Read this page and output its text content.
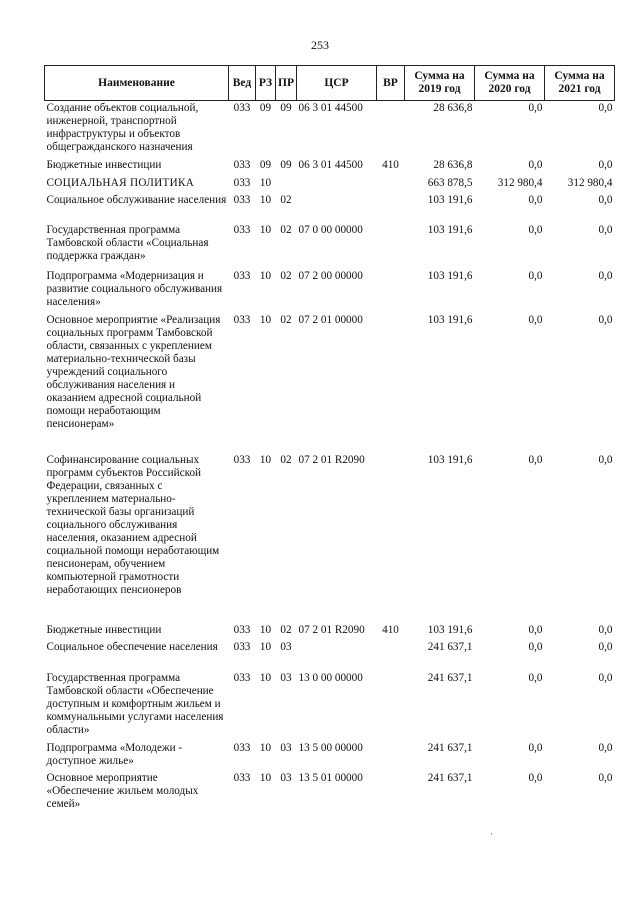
253
Наименование	Вед	РЗ	ПР	ЦСР	ВР	Сумма на 2019 год	Сумма на 2020 год	Сумма на 2021 год
Создание объектов социальной, инженерной, транспортной инфраструктуры и объектов общегражданского назначения	033	09	09	06 3 01 44500		28 636,8	0,0	0,0
Бюджетные инвестиции	033	09	09	06 3 01 44500	410	28 636,8	0,0	0,0
СОЦИАЛЬНАЯ ПОЛИТИКА	033	10				663 878,5	312 980,4	312 980,4
Социальное обслуживание населения	033	10	02			103 191,6	0,0	0,0
Государственная программа Тамбовской области «Социальная поддержка граждан»	033	10	02	07 0 00 00000		103 191,6	0,0	0,0
Подпрограмма «Модернизация и развитие социального обслуживания населения»	033	10	02	07 2 00 00000		103 191,6	0,0	0,0
Основное мероприятие «Реализация социальных программ Тамбовской области, связанных с укреплением материально-технической базы учреждений социального обслуживания населения и оказанием адресной социальной помощи неработающим пенсионерам»	033	10	02	07 2 01 00000		103 191,6	0,0	0,0
Софинансирование социальных программ субъектов Российской Федерации, связанных с укреплением материально-технической базы организаций социального обслуживания населения, оказанием адресной социальной помощи неработающим пенсионерам, обучением компьютерной грамотности неработающих пенсионеров	033	10	02	07 2 01 R2090		103 191,6	0,0	0,0
Бюджетные инвестиции	033	10	02	07 2 01 R2090	410	103 191,6	0,0	0,0
Социальное обеспечение населения	033	10	03			241 637,1	0,0	0,0
Государственная программа Тамбовской области «Обеспечение доступным и комфортным жильем и коммунальными услугами населения области»	033	10	03	13 0 00 00000		241 637,1	0,0	0,0
Подпрограмма «Молодежи - доступное жилье»	033	10	03	13 5 00 00000		241 637,1	0,0	0,0
Основное мероприятие «Обеспечение жильем молодых семей»	033	10	03	13 5 01 00000		241 637,1	0,0	0,0
·
